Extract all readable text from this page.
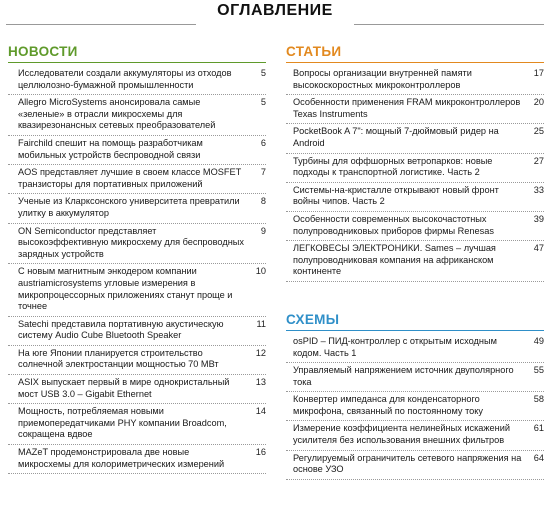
ОГЛАВЛЕНИЕ
НОВОСТИ
Исследователи создали аккумуляторы из отходов целлюлозно-бумажной промышленности
5
Allegro MicroSystems анонсировала самые «зеленые» в отрасли микросхемы для квазирезонансных сетевых преобразователей
5
Fairchild спешит на помощь разработчикам мобильных устройств беспроводной связи
6
AOS представляет лучшие в своем классе MOSFET транзисторы для портативных приложений
7
Ученые из Кларксонского университета превратили улитку в аккумулятор
8
ON Semiconductor представляет высокоэффективную микросхему для беспроводных зарядных устройств
9
С новым магнитным энкодером компании austriamicrosystems угловые измерения в микропроцессорных приложениях станут проще и точнее
10
Satechi представила портативную акустическую систему Audio Cube Bluetooth Speaker
11
На юге Японии планируется строительство солнечной электростанции мощностью 70 МВт
12
ASIX выпускает первый в мире однокристальный мост USB 3.0 – Gigabit Ethernet
13
Мощность, потребляемая новыми приемопередатчиками PHY компании Broadcom, сокращена вдвое
14
MAZeT продемонстрировала две новые микросхемы для колориметрических измерений
16
СТАТЬИ
Вопросы организации внутренней памяти высокоскоростных микроконтроллеров
17
Особенности применения FRAM микроконтроллеров Texas Instruments
20
PocketBook A 7": мощный 7-дюймовый ридер на Android
25
Турбины для оффшорных ветропарков: новые подходы к транспортной логистике. Часть 2
27
Системы-на-кристалле открывают новый фронт войны чипов. Часть 2
33
Особенности современных высокочастотных полупроводниковых приборов фирмы Renesas
39
ЛЕГКОВЕСЫ ЭЛЕКТРОНИКИ. Sames – лучшая полупроводниковая компания на африканском континенте
47
СХЕМЫ
osPID – ПИД-контроллер с открытым исходным кодом. Часть 1
49
Управляемый напряжением источник двуполярного тока
55
Конвертер импеданса для конденсаторного микрофона, связанный по постоянному току
58
Измерение коэффициента нелинейных искажений усилителя без использования внешних фильтров
61
Регулируемый ограничитель сетевого напряжения на основе УЗО
64
